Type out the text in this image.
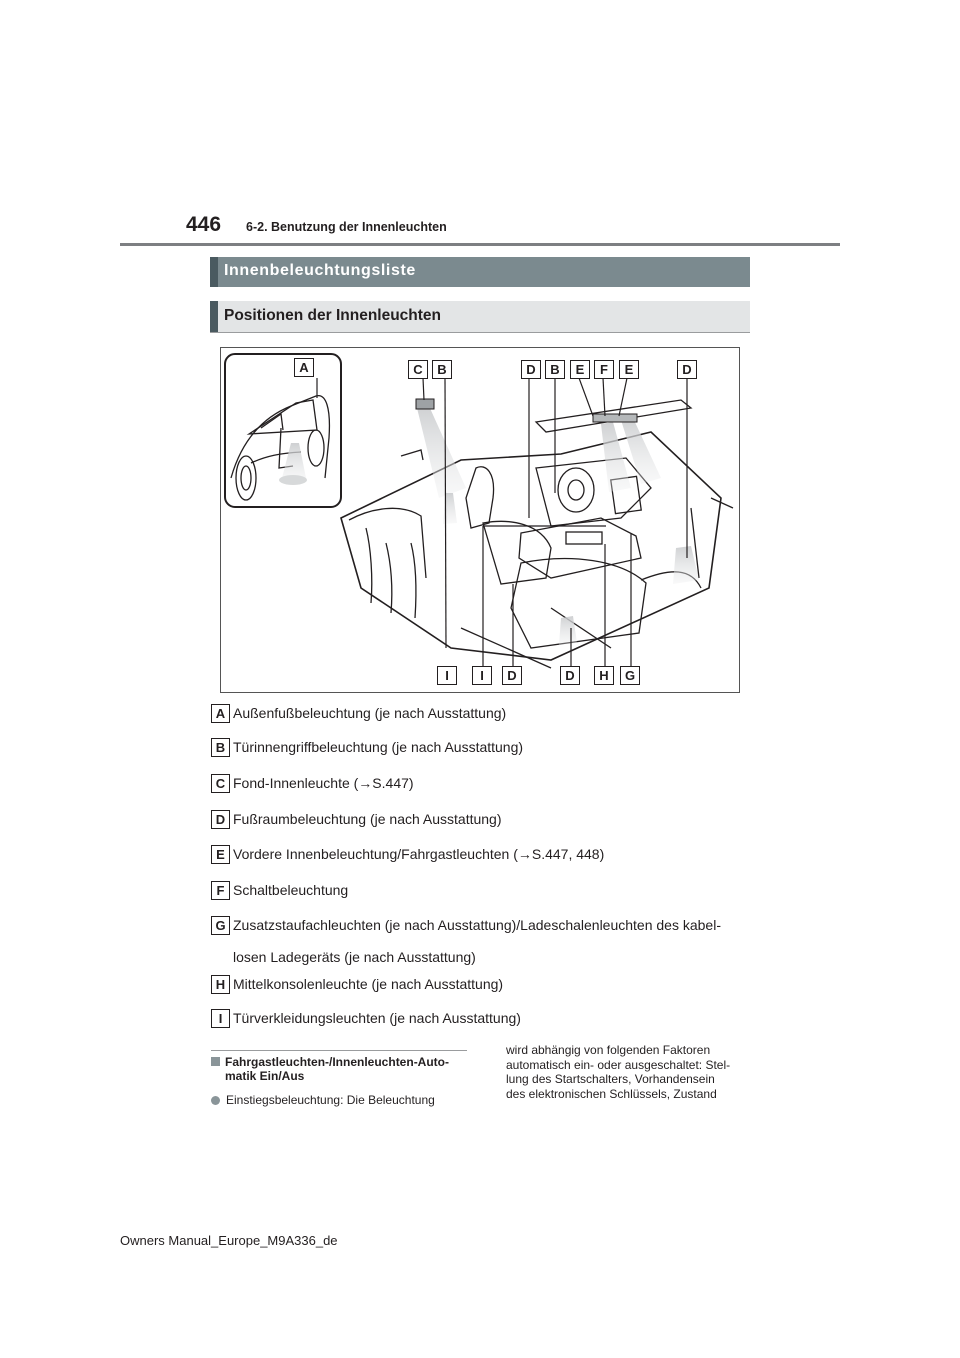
446 6-2. Benutzung der Innenleuchten
Innenbeleuchtungsliste
Positionen der Innenleuchten
A	C	B	D	B	E	F	E	D
I	I	D	D	H	G
A Außenfußbeleuchtung (je nach Ausstattung)
B Türinnengriffbeleuchtung (je nach Ausstattung)
C Fond-Innenleuchte (→S.447)
D Fußraumbeleuchtung (je nach Ausstattung)
E Vordere Innenbeleuchtung/Fahrgastleuchten (→S.447, 448)
F Schaltbeleuchtung
G Zusatzstaufachleuchten (je nach Ausstattung)/Ladeschalenleuchten des kabel-
losen Ladegeräts (je nach Ausstattung)
H Mittelkonsolenleuchte (je nach Ausstattung)
I Türverkleidungsleuchten (je nach Ausstattung)
Fahrgastleuchten-/Innenleuchten-Auto-
matik Ein/Aus
Einstiegsbeleuchtung: Die Beleuchtung
wird abhängig von folgenden Faktoren
automatisch ein- oder ausgeschaltet: Stel-
lung des Startschalters, Vorhandensein
des elektronischen Schlüssels, Zustand
Owners Manual_Europe_M9A336_de
